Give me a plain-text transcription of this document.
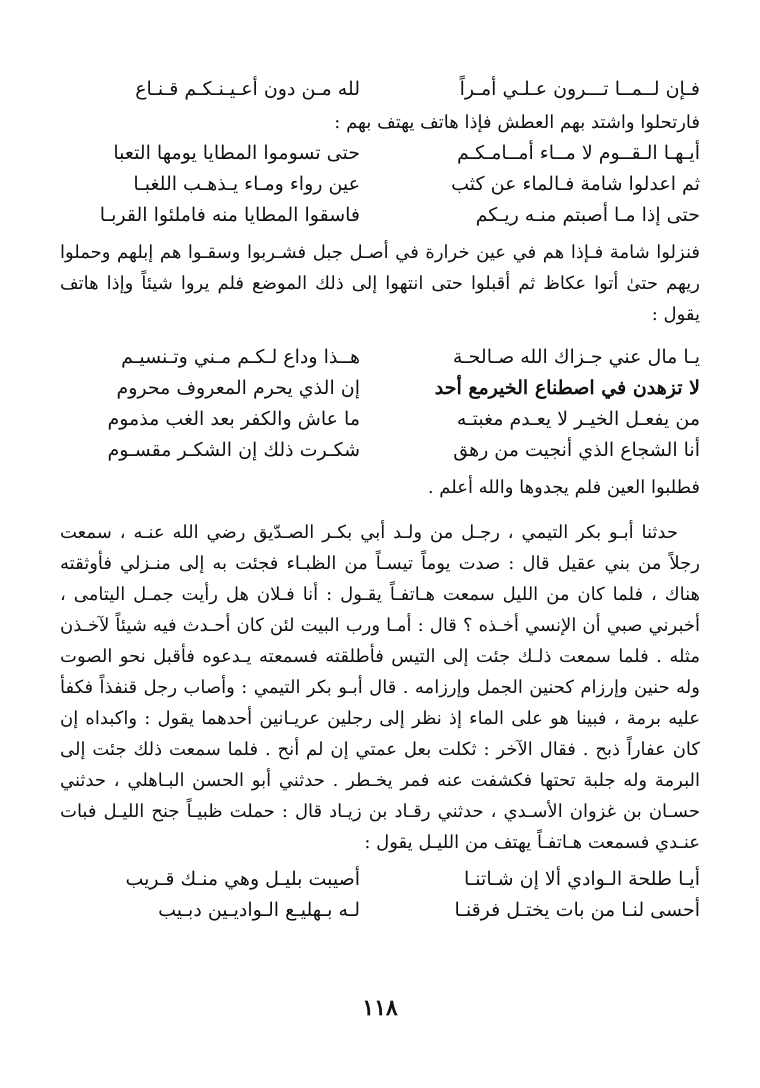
فـإن لــمــا تـــرون عـلـي أمـراً
لله مـن دون أعـيـنـكـم قـنـاع

فارتحلوا واشتد بهم العطش فإذا هاتف يهتف بهم :

أيـهـا الـقــوم لا مــاء أمــامـكـم
حتى تسوموا المطايا يومها التعبا
ثم اعدلوا شامة فـالماء عن كثب
عين رواء ومـاء يـذهـب اللغبـا
حتى إذا مـا أصبتم منـه ريـكم
فاسقوا المطايا منه فاملئوا القربـا

فنزلوا شامة فـإذا هم في عين خرارة في أصـل جبل فشـربوا وسقـوا هم إبلهم وحملوا ريهم حتىٰ أتوا عكاظ ثم أقبلوا حتى انتهوا إلى ذلك الموضع فلم يروا شيئاً وإذا هاتف يقول :

يـا مال عني جـزاك الله صـالحـة
هــذا وداع لـكـم مـني وتـنسيـم
لا تزهدن في اصطناع الخيرمع أحد
إن الذي يحرم المعروف محروم
من يفعـل الخيـر لا يعـدم مغبتـه
ما عاش والكفر بعد الغب مذموم
أنا الشجاع الذي أنجيت من رهق
شكـرت ذلك إن الشكـر مقسـوم

فطلبوا العين فلم يجدوها والله أعلم .

حدثنا أبـو بكر التيمي ، رجـل من ولـد أبي بكـر الصـدّيق رضي الله عنـه ، سمعت رجلاً من بني عقيل قال : صدت يوماً تيسـاً من الظبـاء فجئت به إلى منـزلي فأوثقته هناك ، فلما كان من الليل سمعت هـاتفـاً يقـول : أنا فـلان هل رأيت جمـل اليتامى ، أخبرني صبي أن الإنسي أخـذه ؟ قال : أمـا ورب البيت لئن كان أحـدث فيه شيئاً لآخـذن مثله . فلما سمعت ذلـك جئت إلى التيس فأطلقته فسمعته يـدعوه فأقبل نحو الصوت وله حنين وإرزام كحنين الجمل وإرزامه . قال أبـو بكر التيمي : وأصاب رجل قنفذاً فكفأ عليه برمة ، فبينا هو على الماء إذ نظر إلى رجلين عريـانين أحدهما يقول : واكبداه إن كان عفاراً ذبح . فقال الآخر : ثكلت بعل عمتي إن لم أنح . فلما سمعت ذلك جئت إلى البرمة وله جلبة تحتها فكشفت عنه فمر يخـطر . حدثني أبو الحسن البـاهلي ، حدثني حسـان بن غزوان الأسـدي ، حدثني رقـاد بن زيـاد قال : حملت ظبيـاً جنح الليـل فبات عنـدي فسمعت هـاتفـاً يهتف من الليـل يقول :

أيـا طلحة الـوادي ألا إن شـاتنـا
أصيبت بليـل وهي منـك قـريب
أحسى لنـا من بات يختـل فرقنـا
لـه بـهليـع الـواديـين دبـيب
١١٨
